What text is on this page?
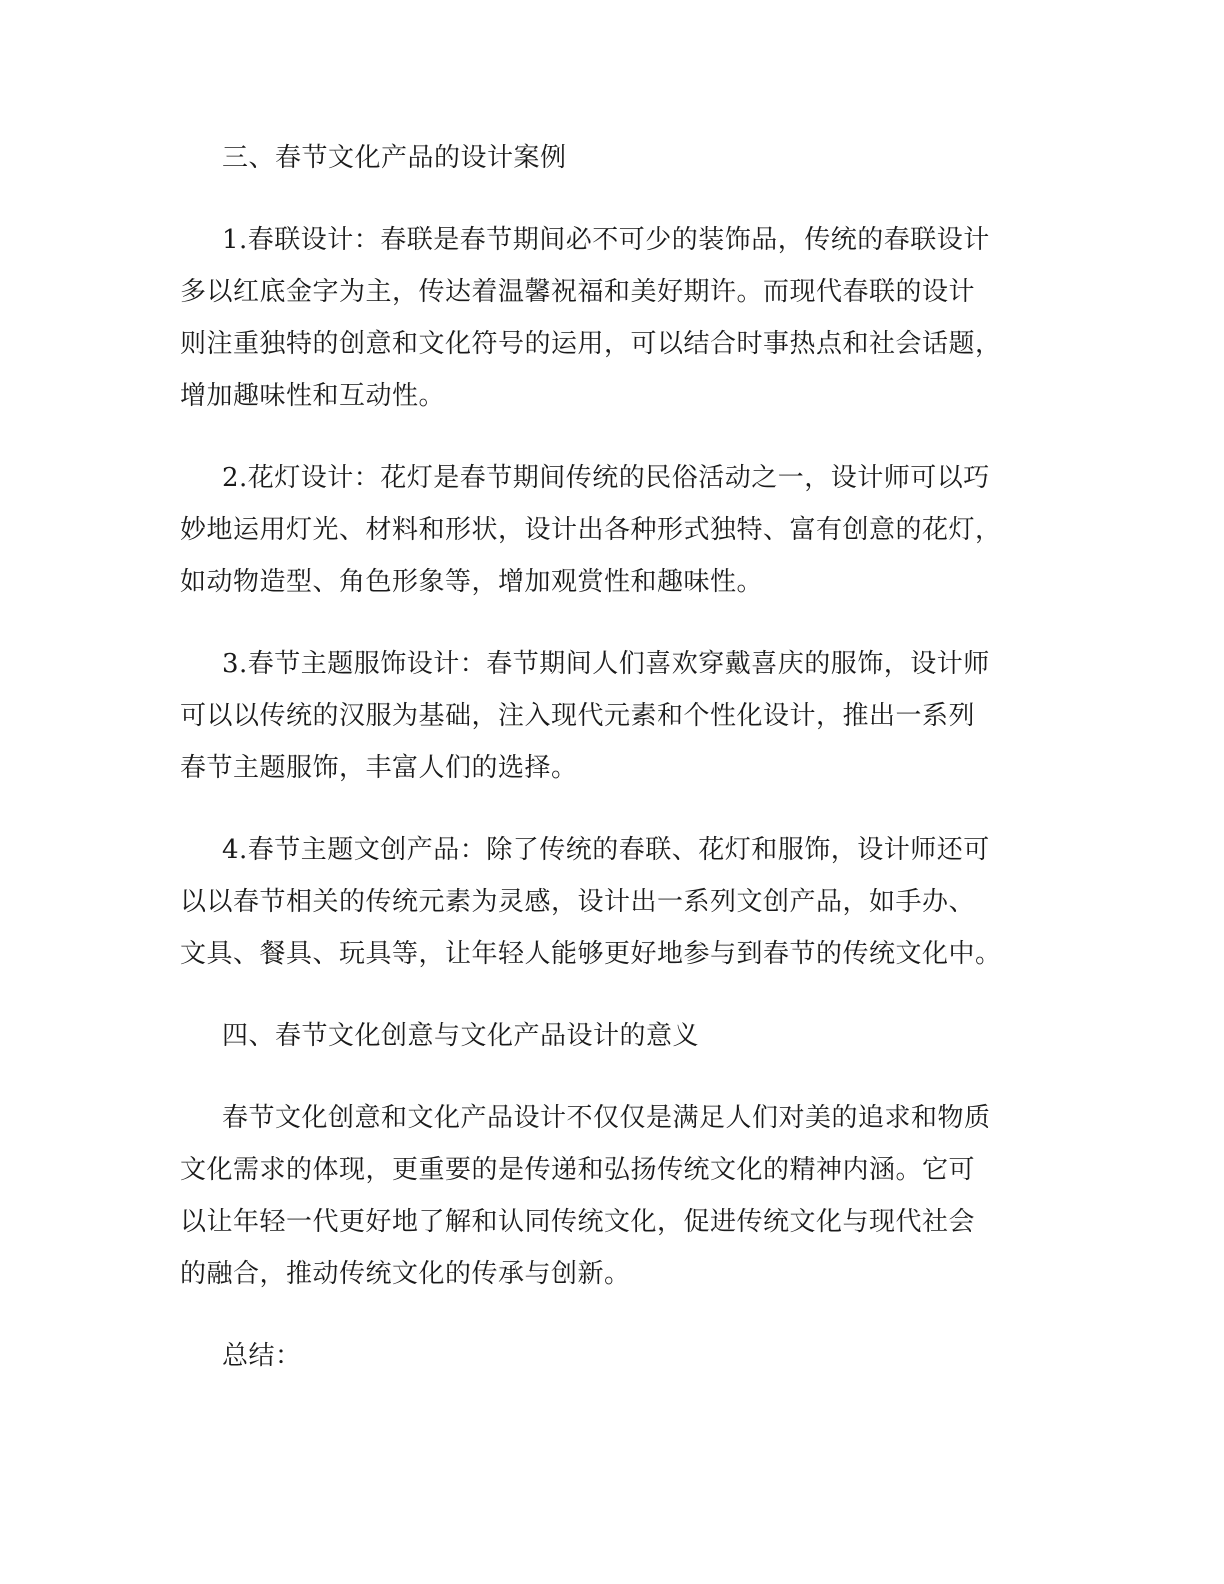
三、春节文化产品的设计案例

1.春联设计：春联是春节期间必不可少的装饰品，传统的春联设计
多以红底金字为主，传达着温馨祝福和美好期许。而现代春联的设计
则注重独特的创意和文化符号的运用，可以结合时事热点和社会话题，
增加趣味性和互动性。

2.花灯设计：花灯是春节期间传统的民俗活动之一，设计师可以巧
妙地运用灯光、材料和形状，设计出各种形式独特、富有创意的花灯，
如动物造型、角色形象等，增加观赏性和趣味性。

3.春节主题服饰设计：春节期间人们喜欢穿戴喜庆的服饰，设计师
可以以传统的汉服为基础，注入现代元素和个性化设计，推出一系列
春节主题服饰，丰富人们的选择。

4.春节主题文创产品：除了传统的春联、花灯和服饰，设计师还可
以以春节相关的传统元素为灵感，设计出一系列文创产品，如手办、
文具、餐具、玩具等，让年轻人能够更好地参与到春节的传统文化中。

四、春节文化创意与文化产品设计的意义

春节文化创意和文化产品设计不仅仅是满足人们对美的追求和物质
文化需求的体现，更重要的是传递和弘扬传统文化的精神内涵。它可
以让年轻一代更好地了解和认同传统文化，促进传统文化与现代社会
的融合，推动传统文化的传承与创新。

总结：
